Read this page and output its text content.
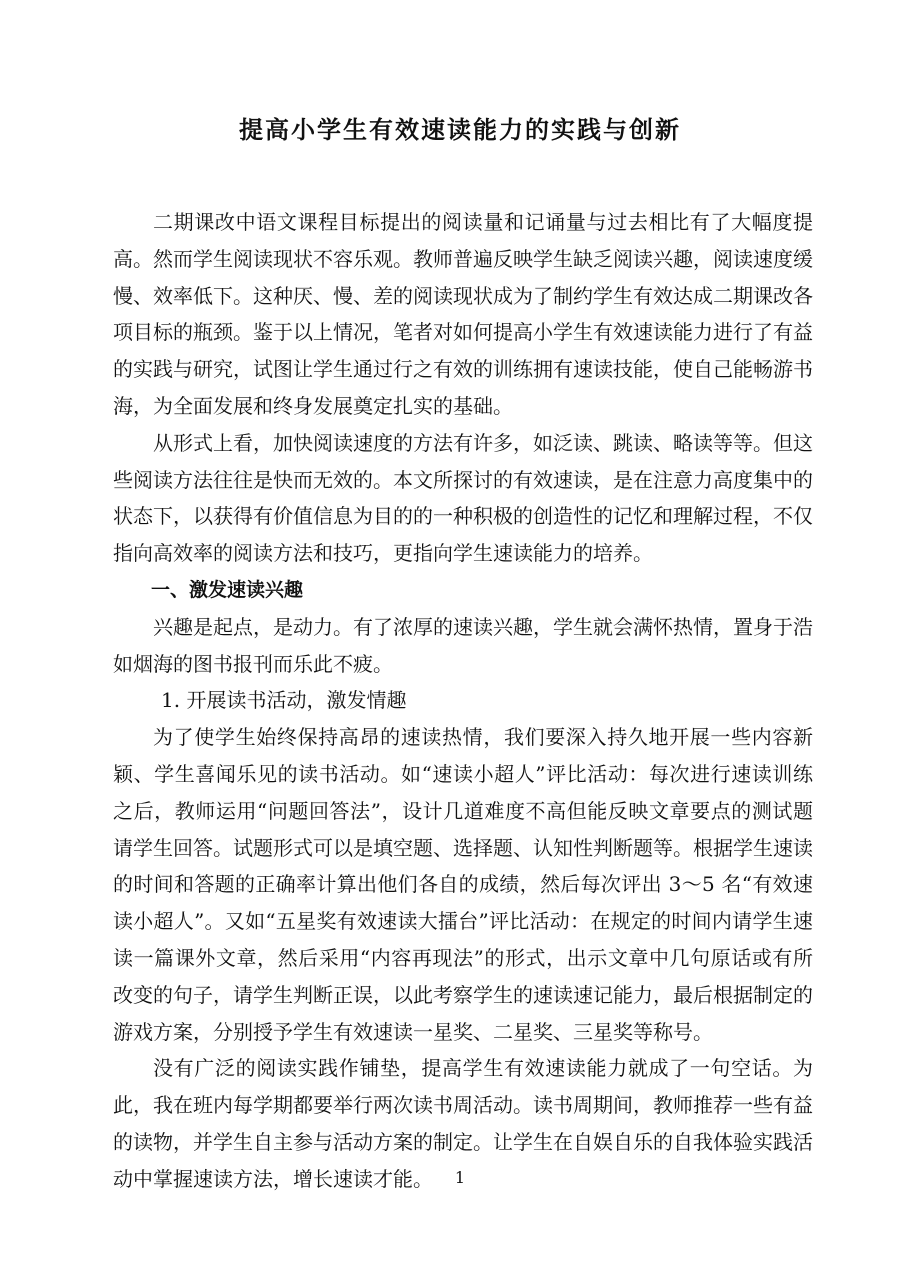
提高小学生有效速读能力的实践与创新

二期课改中语文课程目标提出的阅读量和记诵量与过去相比有了大幅度提高。然而学生阅读现状不容乐观。教师普遍反映学生缺乏阅读兴趣，阅读速度缓慢、效率低下。这种厌、慢、差的阅读现状成为了制约学生有效达成二期课改各项目标的瓶颈。鉴于以上情况，笔者对如何提高小学生有效速读能力进行了有益的实践与研究，试图让学生通过行之有效的训练拥有速读技能，使自己能畅游书海，为全面发展和终身发展奠定扎实的基础。

从形式上看，加快阅读速度的方法有许多，如泛读、跳读、略读等等。但这些阅读方法往往是快而无效的。本文所探讨的有效速读，是在注意力高度集中的状态下，以获得有价值信息为目的的一种积极的创造性的记忆和理解过程，不仅指向高效率的阅读方法和技巧，更指向学生速读能力的培养。

一、激发速读兴趣

兴趣是起点，是动力。有了浓厚的速读兴趣，学生就会满怀热情，置身于浩如烟海的图书报刊而乐此不疲。

1. 开展读书活动，激发情趣

为了使学生始终保持高昂的速读热情，我们要深入持久地开展一些内容新颖、学生喜闻乐见的读书活动。如“速读小超人”评比活动：每次进行速读训练之后，教师运用“问题回答法”，设计几道难度不高但能反映文章要点的测试题请学生回答。试题形式可以是填空题、选择题、认知性判断题等。根据学生速读的时间和答题的正确率计算出他们各自的成绩，然后每次评出 3～5 名“有效速读小超人”。又如“五星奖有效速读大擂台”评比活动：在规定的时间内请学生速读一篇课外文章，然后采用“内容再现法”的形式，出示文章中几句原话或有所改变的句子，请学生判断正误，以此考察学生的速读速记能力，最后根据制定的游戏方案，分别授予学生有效速读一星奖、二星奖、三星奖等称号。

没有广泛的阅读实践作铺垫，提高学生有效速读能力就成了一句空话。为此，我在班内每学期都要举行两次读书周活动。读书周期间，教师推荐一些有益的读物，并学生自主参与活动方案的制定。让学生在自娱自乐的自我体验实践活动中掌握速读方法，增长速读才能。	1
